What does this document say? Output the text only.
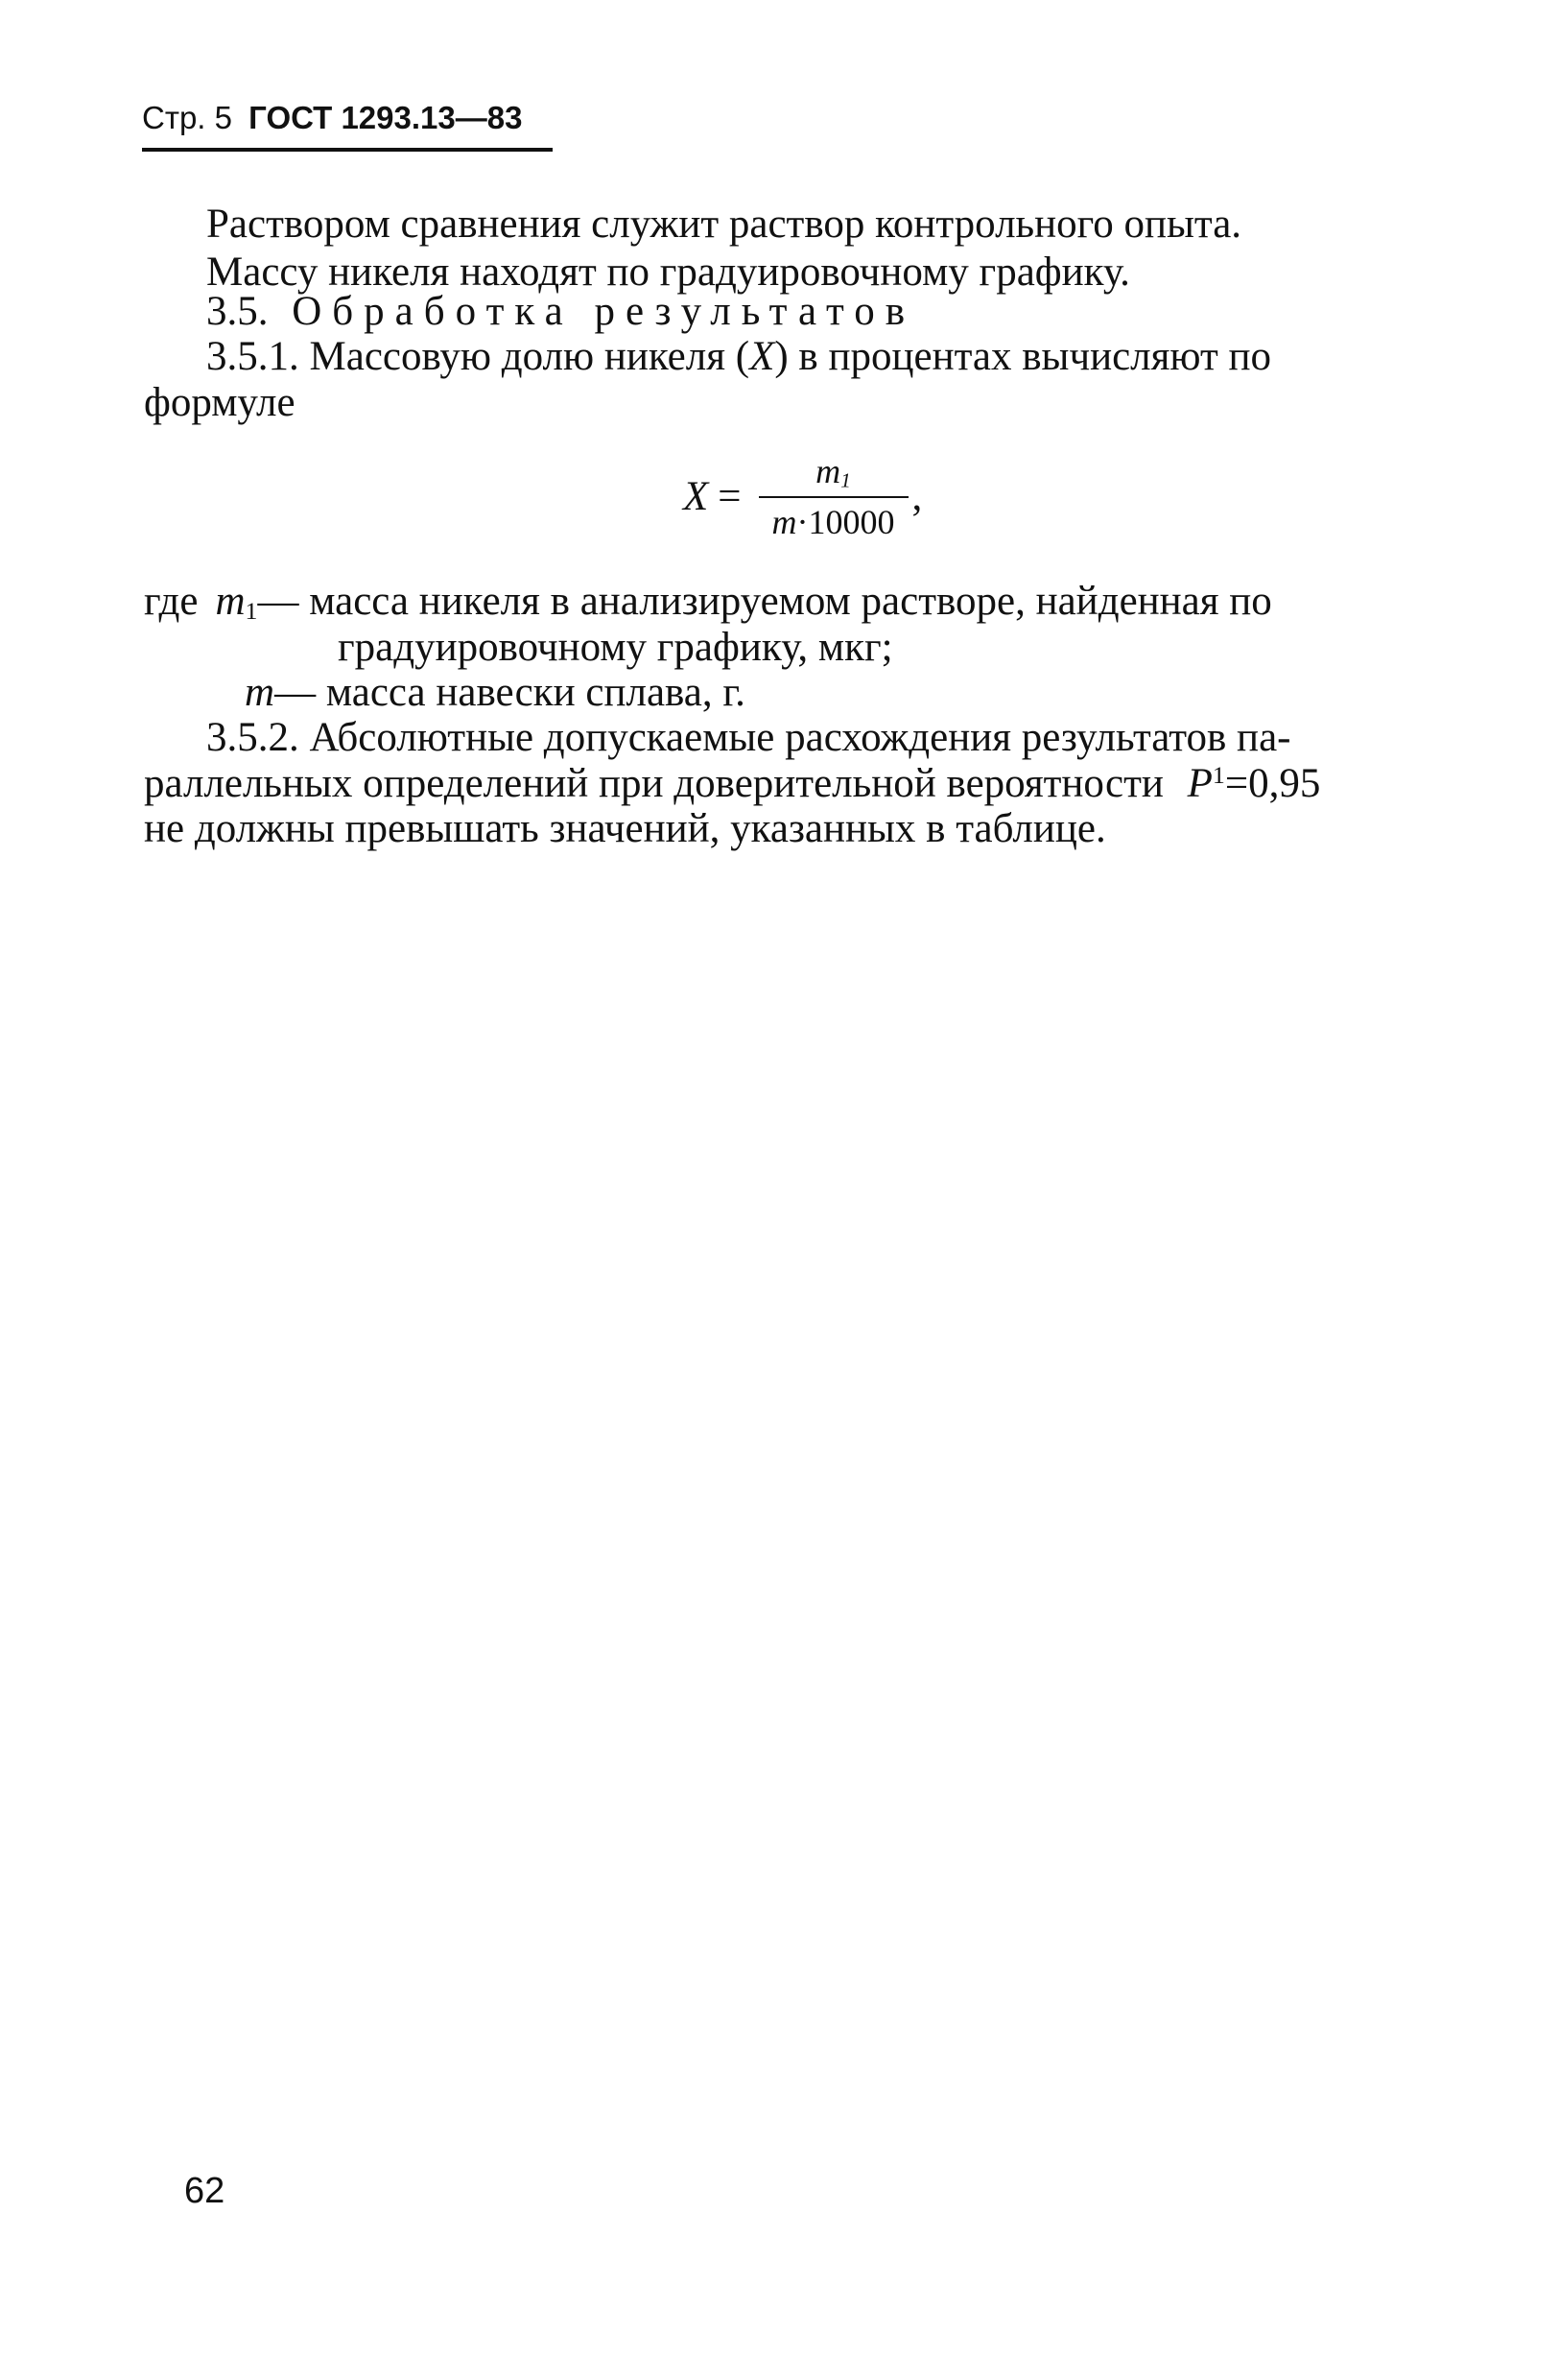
Стр. 5 ГОСТ 1293.13—83
Раствором сравнения служит раствор контрольного опыта.
Массу никеля находят по градуировочному графику.
3.5. Обработка результатов
3.5.1. Массовую долю никеля (X) в процентах вычисляют по
формуле
$X = \frac{m_1}{m\cdot 10000}$ ,
где $m_1—$ масса никеля в анализируемом растворе, найденная по
градуировочному графику, мкг;
m— масса навески сплава, г.
3.5.2. Абсолютные допускаемые расхождения результатов па-
раллельных определений при доверительной вероятности $P^1=0,95$
не должны превышать значений, указанных в таблице.
62
